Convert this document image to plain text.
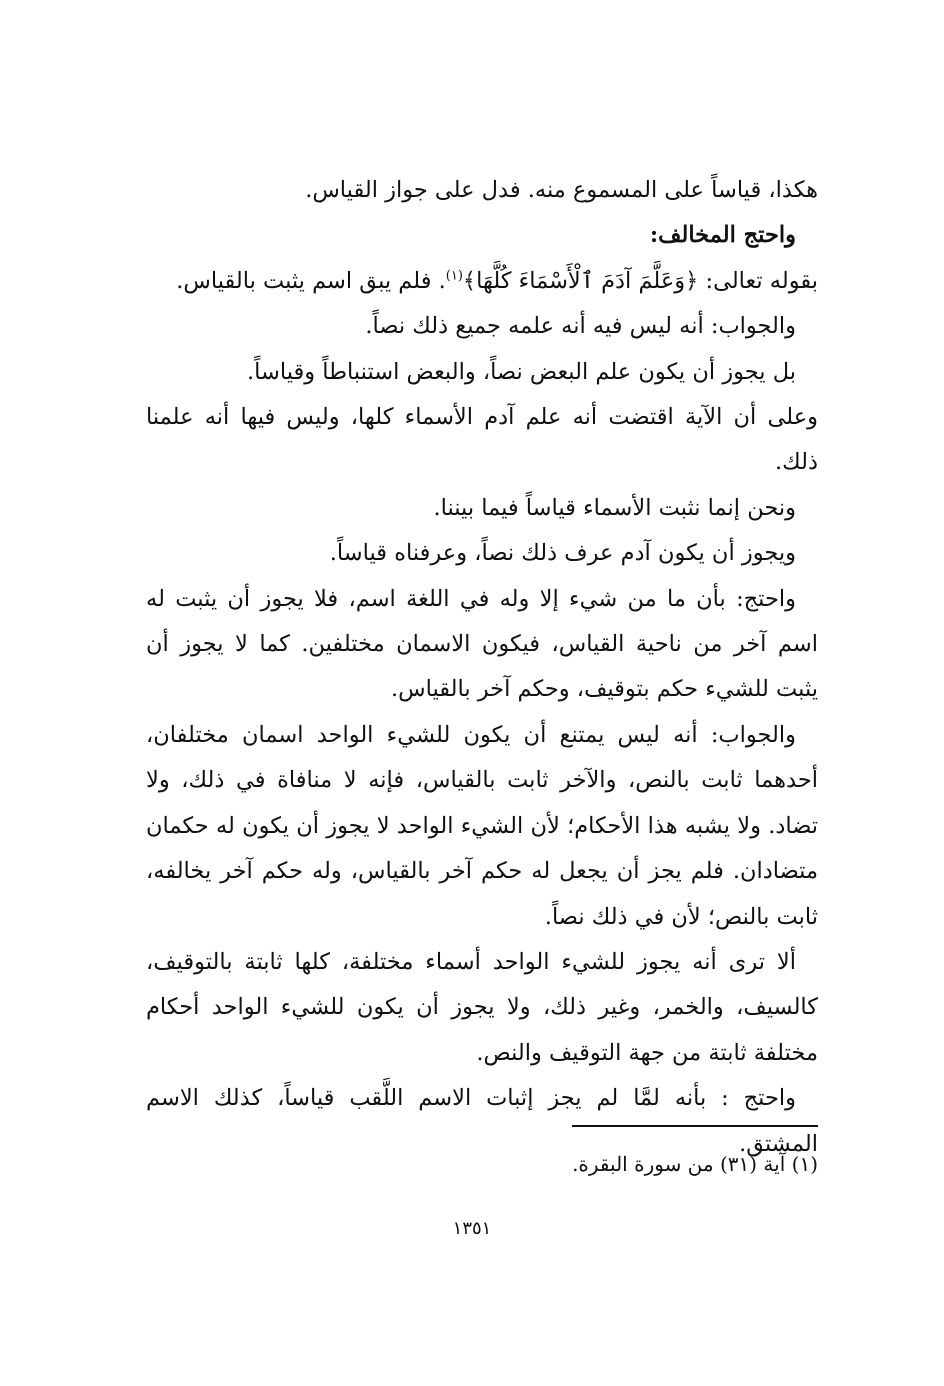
هكذا، قياساً على المسموع منه. فدل على جواز القياس.

واحتج المخالف:

بقوله تعالى: ﴿وَعَلَّمَ آدَمَ ٱلْأَسْمَاءَ كُلَّهَا﴾$^{(١)}$. فلم يبق اسم يثبت بالقياس.

والجواب: أنه ليس فيه أنه علمه جميع ذلك نصاً.

بل يجوز أن يكون علم البعض نصاً، والبعض استنباطاً وقياساً.

وعلى أن الآية اقتضت أنه علم آدم الأسماء كلها، وليس فيها أنه علمنا ذلك.

ونحن إنما نثبت الأسماء قياساً فيما بيننا.

ويجوز أن يكون آدم عرف ذلك نصاً، وعرفناه قياساً.

واحتج: بأن ما من شيء إلا وله في اللغة اسم، فلا يجوز أن يثبت له اسم آخر من ناحية القياس، فيكون الاسمان مختلفين. كما لا يجوز أن يثبت للشيء حكم بتوقيف، وحكم آخر بالقياس.

والجواب: أنه ليس يمتنع أن يكون للشيء الواحد اسمان مختلفان، أحدهما ثابت بالنص، والآخر ثابت بالقياس، فإنه لا منافاة في ذلك، ولا تضاد. ولا يشبه هذا الأحكام؛ لأن الشيء الواحد لا يجوز أن يكون له حكمان متضادان. فلم يجز أن يجعل له حكم آخر بالقياس، وله حكم آخر يخالفه، ثابت بالنص؛ لأن في ذلك نصاً.

ألا ترى أنه يجوز للشيء الواحد أسماء مختلفة، كلها ثابتة بالتوقيف، كالسيف، والخمر، وغير ذلك، ولا يجوز أن يكون للشيء الواحد أحكام مختلفة ثابتة من جهة التوقيف والنص.

واحتج : بأنه لمَّا لم يجز إثبات الاسم اللَّقب قياساً، كذلك الاسم المشتق.

(١) آية (٣١) من سورة البقرة.
١٣٥١
